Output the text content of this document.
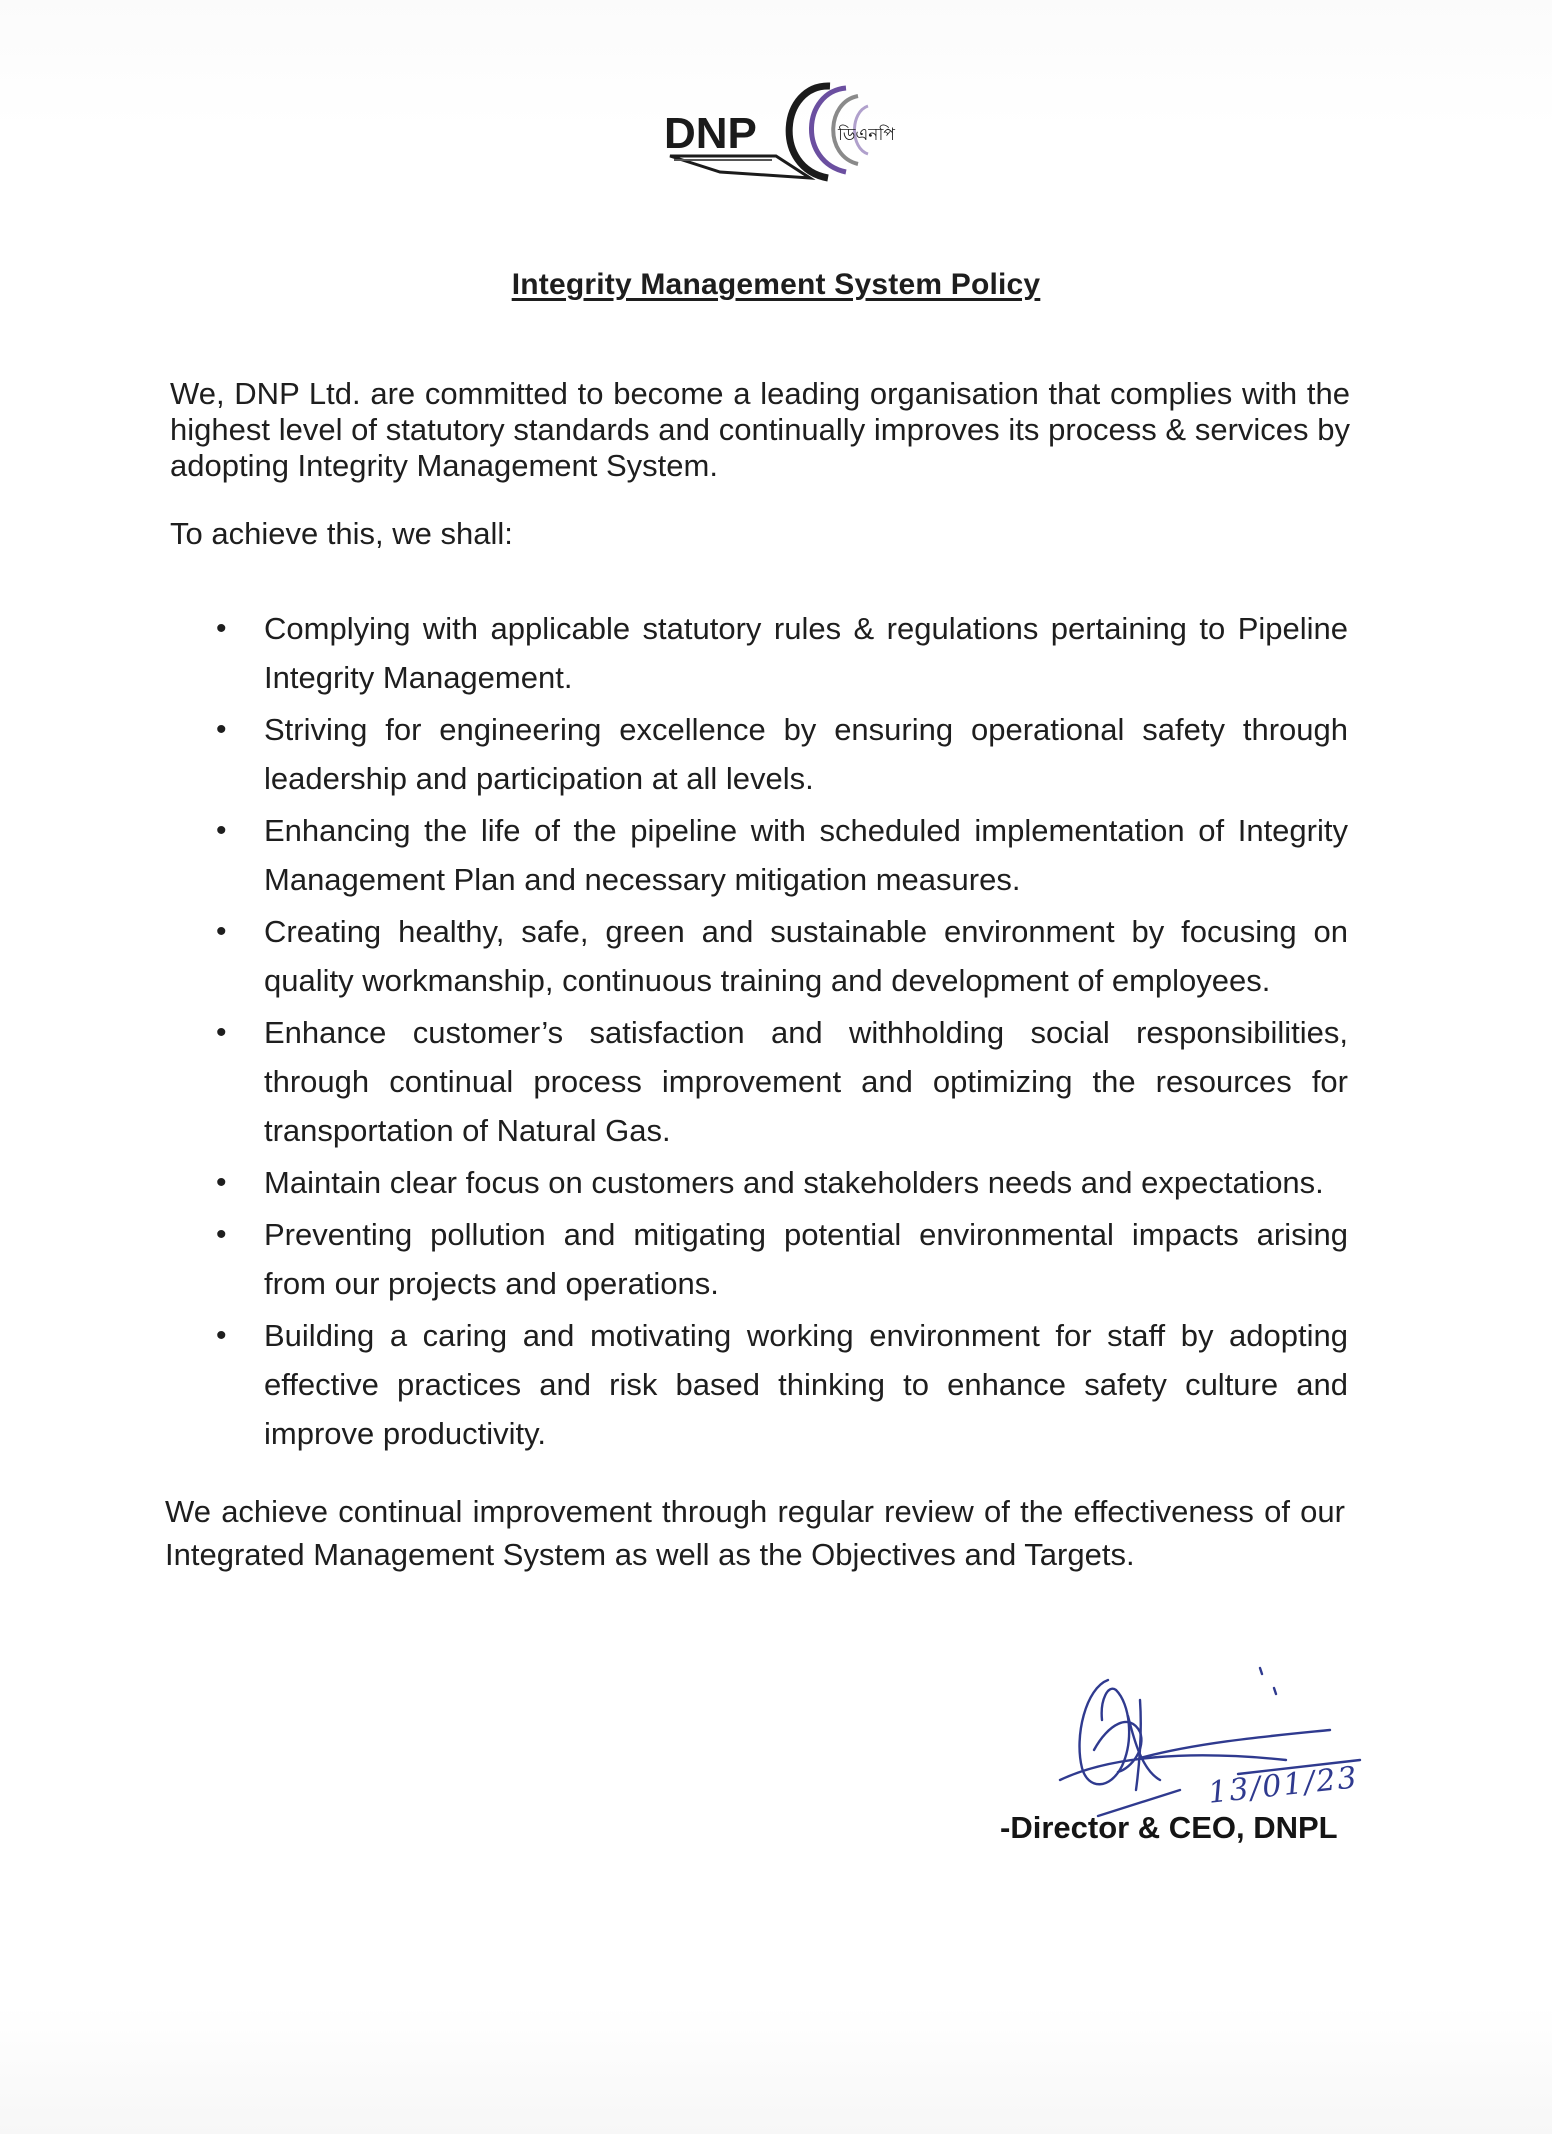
DNP	ডিএনপি
Integrity Management System Policy

We, DNP Ltd. are committed to become a leading organisation that complies with the highest level of statutory standards and continually improves its process & services by adopting Integrity Management System.

To achieve this, we shall:

• Complying with applicable statutory rules & regulations pertaining to Pipeline Integrity Management.
• Striving for engineering excellence by ensuring operational safety through leadership and participation at all levels.
• Enhancing the life of the pipeline with scheduled implementation of Integrity Management Plan and necessary mitigation measures.
• Creating healthy, safe, green and sustainable environment by focusing on quality workmanship, continuous training and development of employees.
• Enhance customer’s satisfaction and withholding social responsibilities, through continual process improvement and optimizing the resources for transportation of Natural Gas.
• Maintain clear focus on customers and stakeholders needs and expectations.
• Preventing pollution and mitigating potential environmental impacts arising from our projects and operations.
• Building a caring and motivating working environment for staff by adopting effective practices and risk based thinking to enhance safety culture and improve productivity.

We achieve continual improvement through regular review of the effectiveness of our Integrated Management System as well as the Objectives and Targets.

13/01/23
-Director & CEO, DNPL
